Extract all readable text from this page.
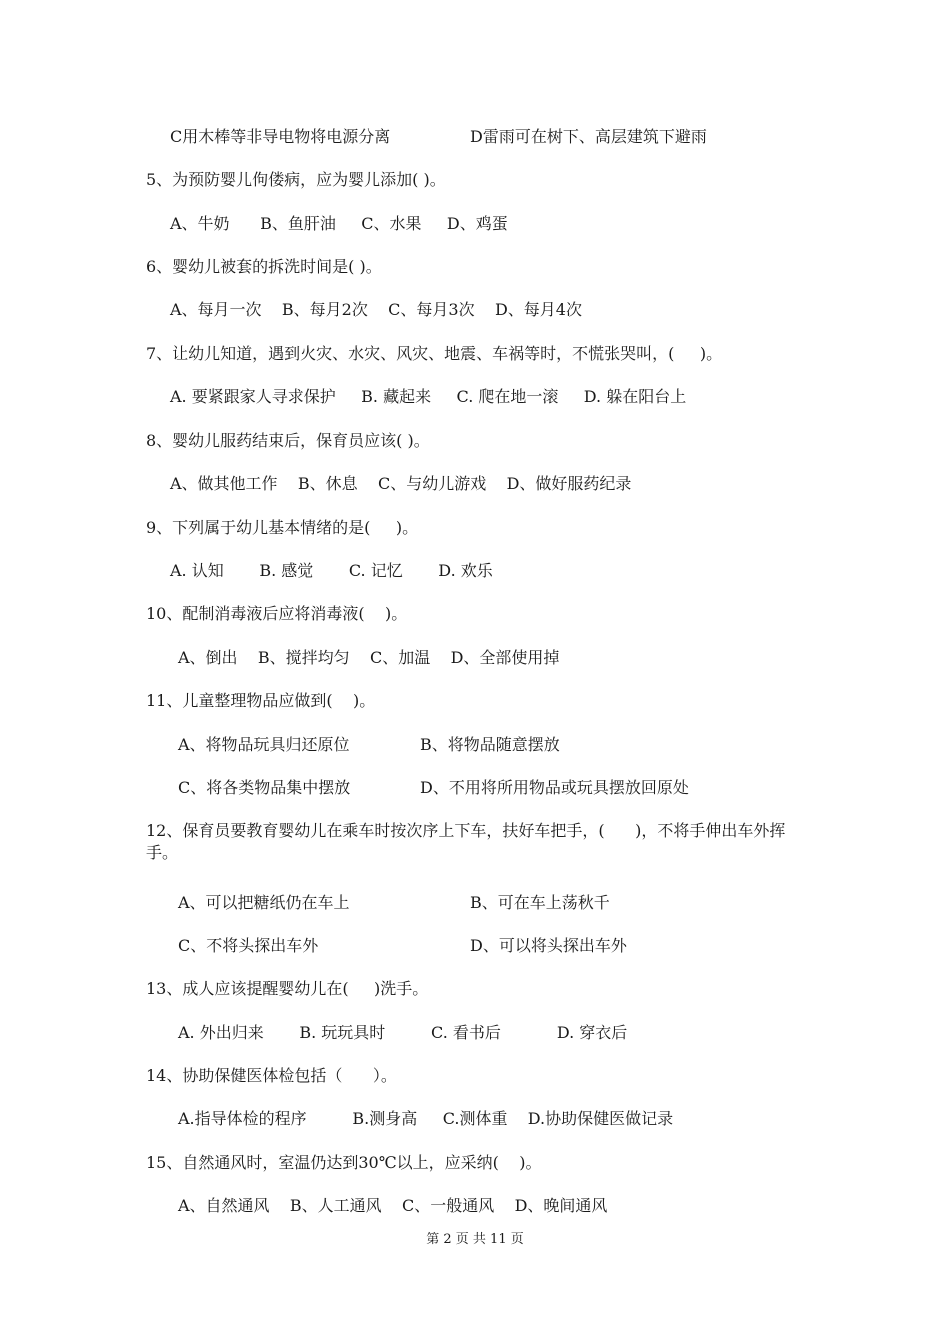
C用木棒等非导电物将电源分离	D雷雨可在树下、高层建筑下避雨
5、为预防婴儿佝偻病，应为婴儿添加( )。
A、牛奶      B、鱼肝油     C、水果     D、鸡蛋
6、婴幼儿被套的拆洗时间是( )。
A、每月一次    B、每月2次    C、每月3次    D、每月4次
7、让幼儿知道，遇到火灾、水灾、风灾、地震、车祸等时，不慌张哭叫，(     )。
A. 要紧跟家人寻求保护     B. 藏起来     C. 爬在地一滚     D. 躲在阳台上
8、婴幼儿服药结束后，保育员应该( )。
A、做其他工作    B、休息    C、与幼儿游戏    D、做好服药纪录
9、下列属于幼儿基本情绪的是(     )。
A. 认知       B. 感觉       C. 记忆       D. 欢乐
10、配制消毒液后应将消毒液(    )。
A、倒出    B、搅拌均匀    C、加温    D、全部使用掉
11、儿童整理物品应做到(    )。
A、将物品玩具归还原位	B、将物品随意摆放
C、将各类物品集中摆放	D、不用将所用物品或玩具摆放回原处
12、保育员要教育婴幼儿在乘车时按次序上下车，扶好车把手，(      )，不将手伸出车外挥手。
A、可以把糖纸仍在车上	B、可在车上荡秋千
C、不将头探出车外	D、可以将头探出车外
13、成人应该提醒婴幼儿在(     )洗手。
A. 外出归来       B. 玩玩具时         C. 看书后           D. 穿衣后
14、协助保健医体检包括（      ）。
A.指导体检的程序         B.测身高     C.测体重    D.协助保健医做记录
15、自然通风时，室温仍达到30℃以上，应采纳(    )。
A、自然通风    B、人工通风    C、一般通风    D、晚间通风
第 2 页 共 11 页
